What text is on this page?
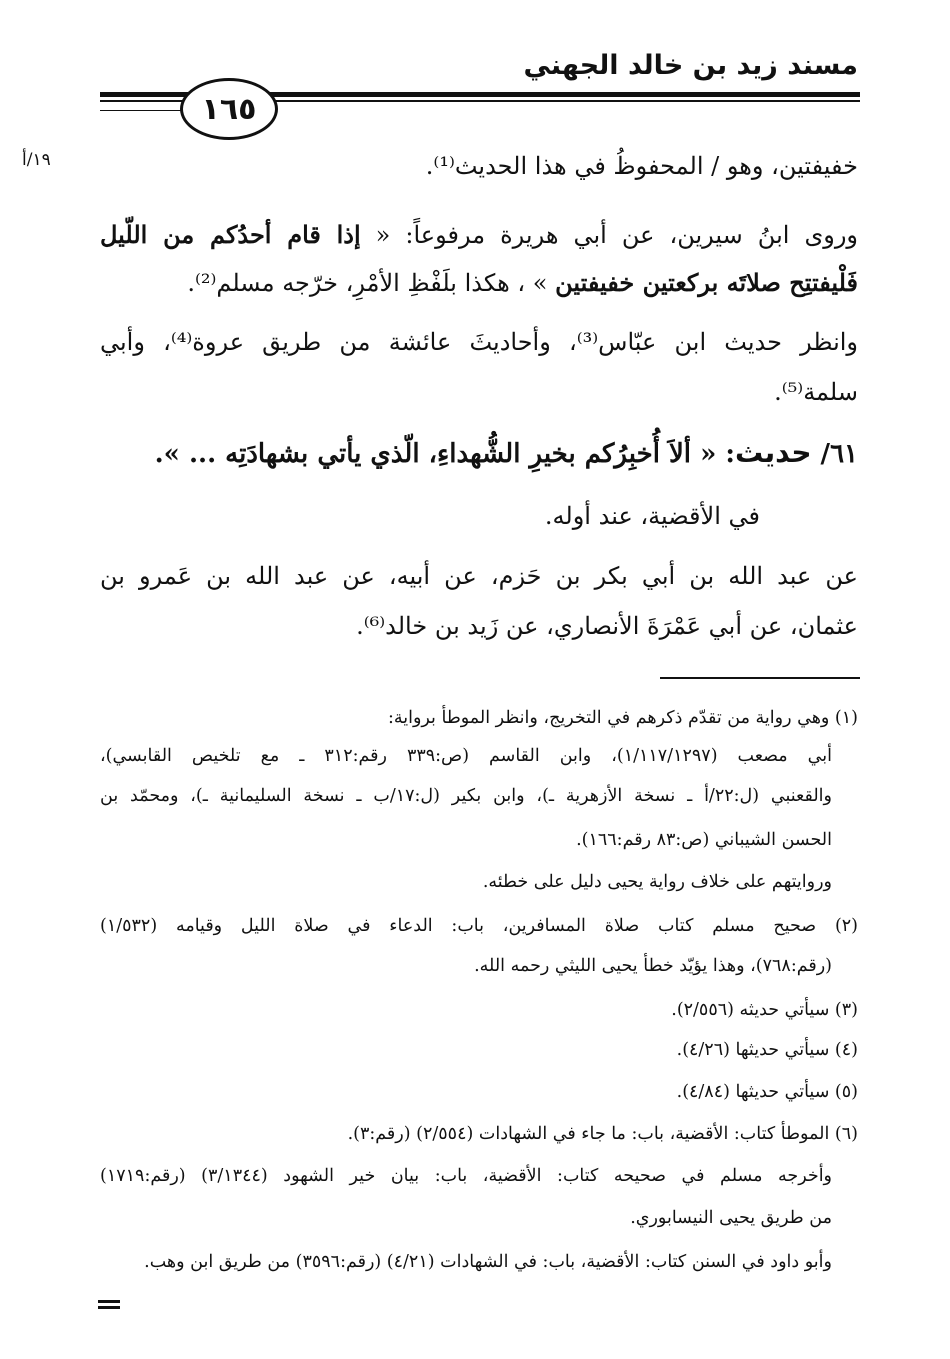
مسند زيد بن خالد الجهني
١٦٥
١٩/أ	خفيفتين، وهو / المحفوظُ في هذا الحديث⁽¹⁾.
وروى ابنُ سيرين، عن أبي هريرة مرفوعاً: « إذا قام أحدُكم من اللّيل
فَلْيفتتِح صلاتَه بركعتين خفيفتين » ، هكذا بلَفْظِ الأمْرِ، خرّجه مسلم⁽²⁾.
وانظر حديث ابن عبّاس⁽³⁾، وأحاديثَ عائشة من طريق عروة⁽⁴⁾، وأبي
سلمة⁽⁵⁾.
٦١/ حديث: « ألاَ أُخبِرُكم بخيرِ الشُّهداءِ، الّذي يأتي بشهادَتِه ... ».
في الأقضية، عند أوله.
عن عبد الله بن أبي بكر بن حَزم، عن أبيه، عن عبد الله بن عَمرو بن
عثمان، عن أبي عَمْرَةَ الأنصاري، عن زَيد بن خالد⁽⁶⁾.
(١) وهي رواية من تقدّم ذكرهم في التخريج، وانظر الموطأ برواية:
أبي مصعب (١/١١٧/١٢٩٧)، وابن القاسم (ص:٣٣٩ رقم:٣١٢ ـ مع تلخيص القابسي)،
والقعنبي (ل:٢٢/أ ـ نسخة الأزهرية ـ)، وابن بكير (ل:١٧/ب ـ نسخة السليمانية ـ)، ومحمّد بن
الحسن الشيباني (ص:٨٣ رقم:١٦٦).
وروايتهم على خلاف رواية يحيى دليل على خطئه.
(٢) صحيح مسلم كتاب صلاة المسافرين، باب: الدعاء في صلاة الليل وقيامه (١/٥٣٢)
(رقم:٧٦٨)، وهذا يؤيّد خطأ يحيى الليثي رحمه الله.
(٣) سيأتي حديثه (٢/٥٥٦).
(٤) سيأتي حديثها (٤/٢٦).
(٥) سيأتي حديثها (٤/٨٤).
(٦) الموطأ كتاب: الأقضية، باب: ما جاء في الشهادات (٢/٥٥٤) (رقم:٣).
وأخرجه مسلم في صحيحه كتاب: الأقضية، باب: بيان خير الشهود (٣/١٣٤٤) (رقم:١٧١٩)
من طريق يحيى النيسابوري.
وأبو داود في السنن كتاب: الأقضية، باب: في الشهادات (٤/٢١) (رقم:٣٥٩٦) من طريق ابن وهب.
